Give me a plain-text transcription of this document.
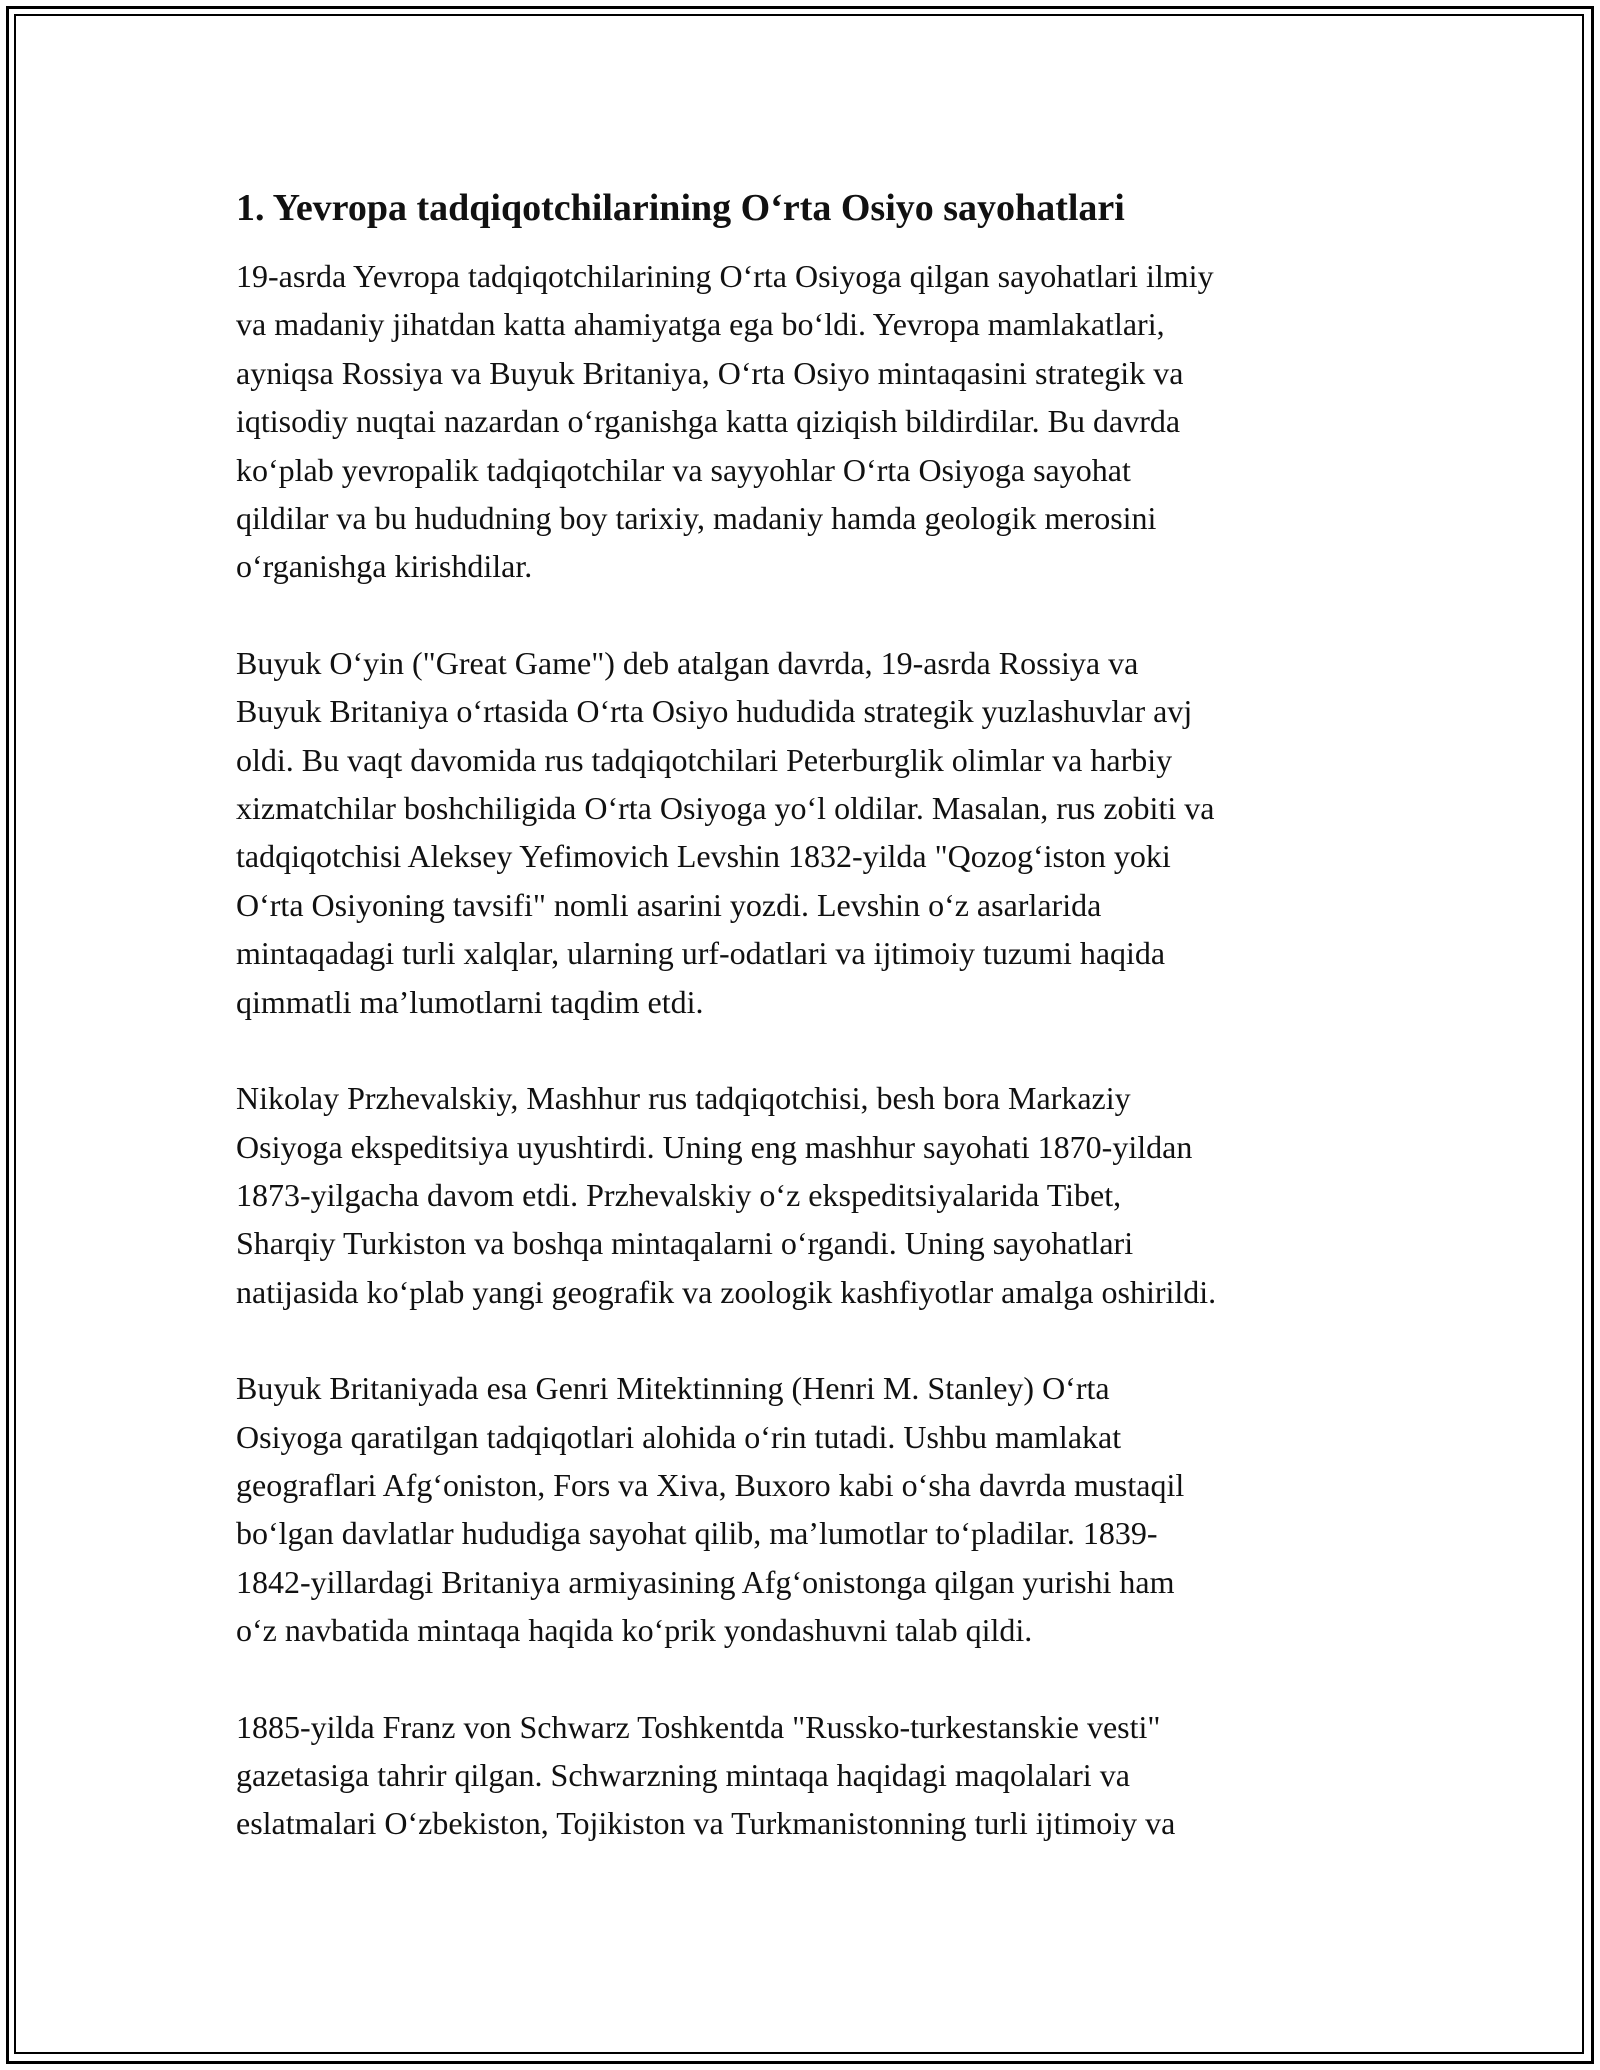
1. Yevropa tadqiqotchilarining O‘rta Osiyo sayohatlari
19-asrda Yevropa tadqiqotchilarining O‘rta Osiyoga qilgan sayohatlari ilmiy
va madaniy jihatdan katta ahamiyatga ega bo‘ldi. Yevropa mamlakatlari,
ayniqsa Rossiya va Buyuk Britaniya, O‘rta Osiyo mintaqasini strategik va
iqtisodiy nuqtai nazardan o‘rganishga katta qiziqish bildirdilar. Bu davrda
ko‘plab yevropalik tadqiqotchilar va sayyohlar O‘rta Osiyoga sayohat
qildilar va bu hududning boy tarixiy, madaniy hamda geologik merosini
o‘rganishga kirishdilar.
Buyuk O‘yin ("Great Game") deb atalgan davrda, 19-asrda Rossiya va
Buyuk Britaniya o‘rtasida O‘rta Osiyo hududida strategik yuzlashuvlar avj
oldi. Bu vaqt davomida rus tadqiqotchilari Peterburglik olimlar va harbiy
xizmatchilar boshchiligida O‘rta Osiyoga yo‘l oldilar. Masalan, rus zobiti va
tadqiqotchisi Aleksey Yefimovich Levshin 1832-yilda "Qozog‘iston yoki
O‘rta Osiyoning tavsifi" nomli asarini yozdi. Levshin o‘z asarlarida
mintaqadagi turli xalqlar, ularning urf-odatlari va ijtimoiy tuzumi haqida
qimmatli ma’lumotlarni taqdim etdi.
Nikolay Przhevalskiy, Mashhur rus tadqiqotchisi, besh bora Markaziy
Osiyoga ekspeditsiya uyushtirdi. Uning eng mashhur sayohati 1870-yildan
1873-yilgacha davom etdi. Przhevalskiy o‘z ekspeditsiyalarida Tibet,
Sharqiy Turkiston va boshqa mintaqalarni o‘rgandi. Uning sayohatlari
natijasida ko‘plab yangi geografik va zoologik kashfiyotlar amalga oshirildi.
Buyuk Britaniyada esa Genri Mitektinning (Henri M. Stanley) O‘rta
Osiyoga qaratilgan tadqiqotlari alohida o‘rin tutadi. Ushbu mamlakat
geograflari Afg‘oniston, Fors va Xiva, Buxoro kabi o‘sha davrda mustaqil
bo‘lgan davlatlar hududiga sayohat qilib, ma’lumotlar to‘pladilar. 1839-
1842-yillardagi Britaniya armiyasining Afg‘onistonga qilgan yurishi ham
o‘z navbatida mintaqa haqida ko‘prik yondashuvni talab qildi.
1885-yilda Franz von Schwarz Toshkentda "Russko-turkestanskie vesti"
gazetasiga tahrir qilgan. Schwarzning mintaqa haqidagi maqolalari va
eslatmalari O‘zbekiston, Tojikiston va Turkmanistonning turli ijtimoiy va
